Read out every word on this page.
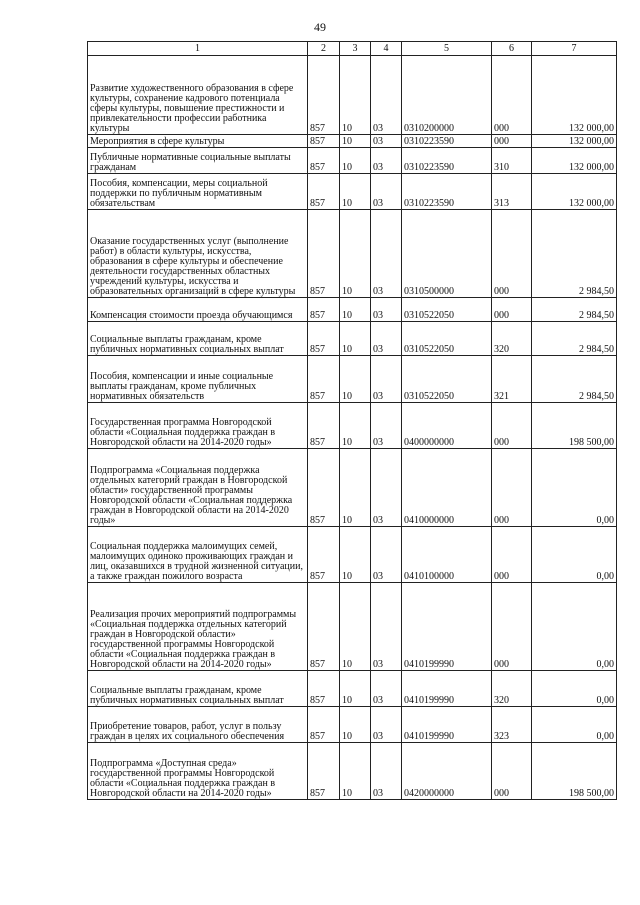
49
1	2	3	4	5	6	7
Развитие художественного образования в сфере культуры, сохранение кадрового потенциала сферы культуры, повышение престижности и привлекательности профессии работника культуры	857	10	03	0310200000	000	132 000,00
Мероприятия в сфере культуры	857	10	03	0310223590	000	132 000,00
Публичные нормативные социальные выплаты гражданам	857	10	03	0310223590	310	132 000,00
Пособия, компенсации, меры социальной поддержки по публичным нормативным обязательствам	857	10	03	0310223590	313	132 000,00
Оказание государственных услуг (выполнение работ) в области культуры, искусства, образования в сфере культуры и обеспечение деятельности государственных областных учреждений культуры, искусства и образовательных организаций в сфере культуры	857	10	03	0310500000	000	2 984,50
Компенсация стоимости проезда обучающимся	857	10	03	0310522050	000	2 984,50
Социальные выплаты гражданам, кроме публичных нормативных социальных выплат	857	10	03	0310522050	320	2 984,50
Пособия, компенсации и иные социальные выплаты гражданам, кроме публичных нормативных обязательств	857	10	03	0310522050	321	2 984,50
Государственная программа Новгородской области «Социальная поддержка граждан в Новгородской области на 2014-2020 годы»	857	10	03	0400000000	000	198 500,00
Подпрограмма «Социальная поддержка отдельных категорий граждан в Новгородской области» государственной программы Новгородской области «Социальная поддержка граждан в Новгородской области на 2014-2020 годы»	857	10	03	0410000000	000	0,00
Социальная поддержка малоимущих семей, малоимущих одиноко проживающих граждан и лиц, оказавшихся в трудной жизненной ситуации, а также граждан пожилого возраста	857	10	03	0410100000	000	0,00
Реализация прочих мероприятий подпрограммы «Социальная поддержка отдельных категорий граждан в Новгородской области» государственной программы Новгородской области «Социальная поддержка граждан в Новгородской области на 2014-2020 годы»	857	10	03	0410199990	000	0,00
Социальные выплаты гражданам, кроме публичных нормативных социальных выплат	857	10	03	0410199990	320	0,00
Приобретение товаров, работ, услуг в пользу граждан в целях их социального обеспечения	857	10	03	0410199990	323	0,00
Подпрограмма «Доступная среда» государственной программы Новгородской области «Социальная поддержка граждан в Новгородской области на 2014-2020 годы»	857	10	03	0420000000	000	198 500,00
